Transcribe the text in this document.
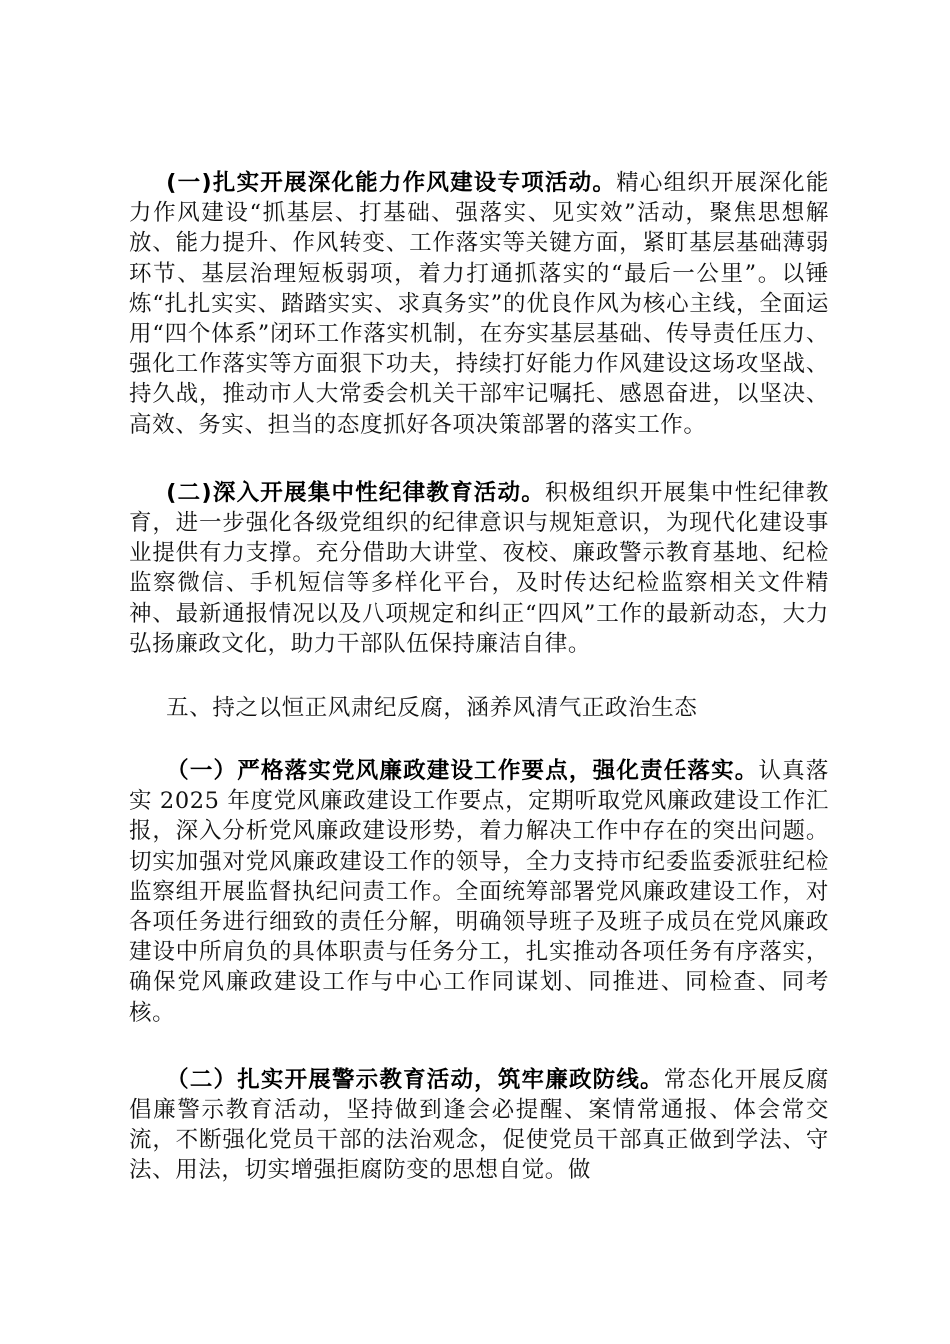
(一)扎实开展深化能力作风建设专项活动。精心组织开展深化能力作风建设“抓基层、打基础、强落实、见实效”活动，聚焦思想解放、能力提升、作风转变、工作落实等关键方面，紧盯基层基础薄弱环节、基层治理短板弱项，着力打通抓落实的“最后一公里”。以锤炼“扎扎实实、踏踏实实、求真务实”的优良作风为核心主线，全面运用“四个体系”闭环工作落实机制，在夯实基层基础、传导责任压力、强化工作落实等方面狠下功夫，持续打好能力作风建设这场攻坚战、持久战，推动市人大常委会机关干部牢记嘱托、感恩奋进，以坚决、高效、务实、担当的态度抓好各项决策部署的落实工作。

(二)深入开展集中性纪律教育活动。积极组织开展集中性纪律教育，进一步强化各级党组织的纪律意识与规矩意识，为现代化建设事业提供有力支撑。充分借助大讲堂、夜校、廉政警示教育基地、纪检监察微信、手机短信等多样化平台，及时传达纪检监察相关文件精神、最新通报情况以及八项规定和纠正“四风”工作的最新动态，大力弘扬廉政文化，助力干部队伍保持廉洁自律。

五、持之以恒正风肃纪反腐，涵养风清气正政治生态

（一）严格落实党风廉政建设工作要点，强化责任落实。认真落实 2025 年度党风廉政建设工作要点，定期听取党风廉政建设工作汇报，深入分析党风廉政建设形势，着力解决工作中存在的突出问题。切实加强对党风廉政建设工作的领导，全力支持市纪委监委派驻纪检监察组开展监督执纪问责工作。全面统筹部署党风廉政建设工作，对各项任务进行细致的责任分解，明确领导班子及班子成员在党风廉政建设中所肩负的具体职责与任务分工，扎实推动各项任务有序落实，确保党风廉政建设工作与中心工作同谋划、同推进、同检查、同考核。

（二）扎实开展警示教育活动，筑牢廉政防线。常态化开展反腐倡廉警示教育活动，坚持做到逢会必提醒、案情常通报、体会常交流，不断强化党员干部的法治观念，促使党员干部真正做到学法、守法、用法，切实增强拒腐防变的思想自觉。做
